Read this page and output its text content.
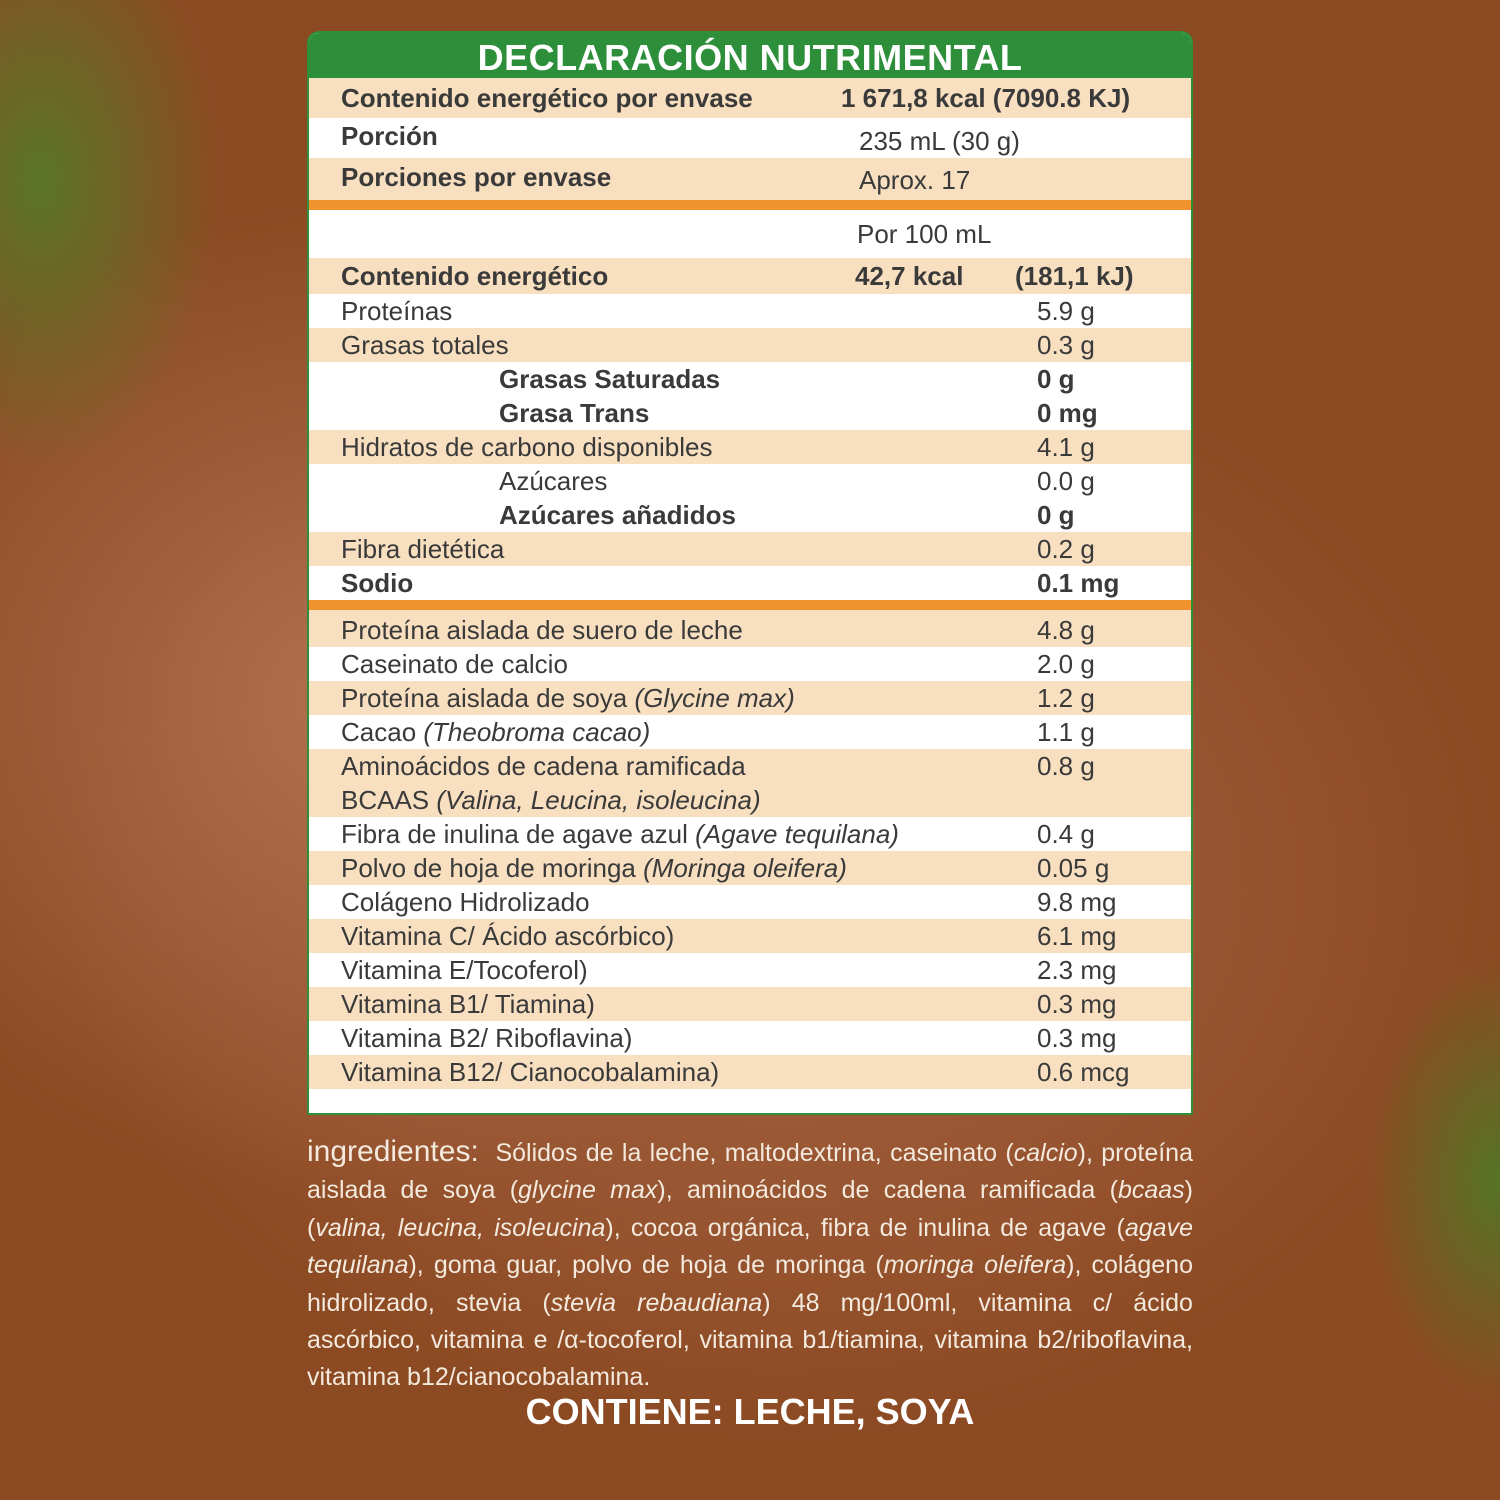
DECLARACIÓN NUTRIMENTAL
Contenido energético por envase	1 671,8 kcal (7090.8 KJ)
Porción	235 mL (30 g)
Porciones por envase	Aprox. 17
Por 100 mL
Contenido energético	42,7 kcal (181,1 kJ)
Proteínas	5.9 g
Grasas totales	0.3 g
Grasas Saturadas	0 g
Grasa Trans	0 mg
Hidratos de carbono disponibles	4.1 g
Azúcares	0.0 g
Azúcares añadidos	0 g
Fibra dietética	0.2 g
Sodio	0.1 mg
Proteína aislada de suero de leche	4.8 g
Caseinato de calcio	2.0 g
Proteína aislada de soya (Glycine max)	1.2 g
Cacao (Theobroma cacao)	1.1 g
Aminoácidos de cadena ramificada
BCAAS (Valina, Leucina, isoleucina)
0.8 g
Fibra de inulina de agave azul (Agave tequilana)	0.4 g
Polvo de hoja de moringa (Moringa oleifera)	0.05 g
Colágeno Hidrolizado	9.8 mg
Vitamina C/ Ácido ascórbico)	6.1 mg
Vitamina E/Tocoferol)	2.3 mg
Vitamina B1/ Tiamina)	0.3 mg
Vitamina B2/ Riboflavina)	0.3 mg
Vitamina B12/ Cianocobalamina)	0.6 mcg
ingredientes: Sólidos de la leche, maltodextrina, caseinato (calcio), proteína aislada de soya (glycine max), aminoácidos de cadena ramificada (bcaas) (valina, leucina, isoleucina), cocoa orgánica, fibra de inulina de agave (agave tequilana), goma guar, polvo de hoja de moringa (moringa oleifera), colágeno hidrolizado, stevia (stevia rebaudiana) 48 mg/100ml, vitamina c/ ácido ascórbico, vitamina e /α-tocoferol, vitamina b1/tiamina, vitamina b2/riboflavina, vitamina b12/cianocobalamina.
CONTIENE: LECHE, SOYA
